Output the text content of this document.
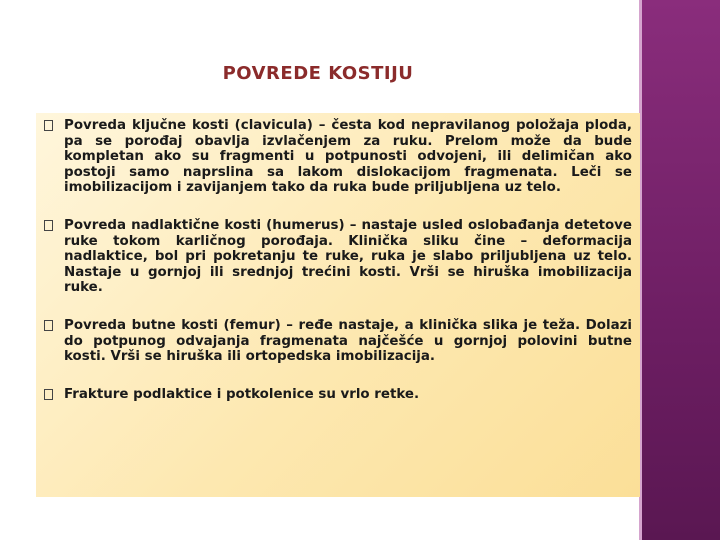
POVREDE KOSTIJU
Povreda ključne kosti (clavicula) – česta kod nepravilanog položaja ploda, pa se porođaj obavlja izvlačenjem za ruku. Prelom može da bude kompletan ako su fragmenti u potpunosti odvojeni, ili delimičan ako postoji samo naprslina sa lakom dislokacijom fragmenata. Leči se imobilizacijom i zavijanjem tako da ruka bude priljubljena uz telo.
Povreda nadlaktične kosti (humerus) – nastaje usled oslobađanja detetove ruke tokom karličnog porođaja. Klinička sliku čine – deformacija nadlaktice, bol pri pokretanju te ruke, ruka je slabo priljubljena uz telo. Nastaje u gornjoj ili srednjoj trećini kosti. Vrši se hiruška imobilizacija ruke.
Povreda butne kosti (femur) – ređe nastaje, a klinička slika je teža. Dolazi do potpunog odvajanja fragmenata najčešće u gornjoj polovini butne kosti. Vrši se hiruška ili ortopedska imobilizacija.
Frakture podlaktice i potkolenice su vrlo retke.
